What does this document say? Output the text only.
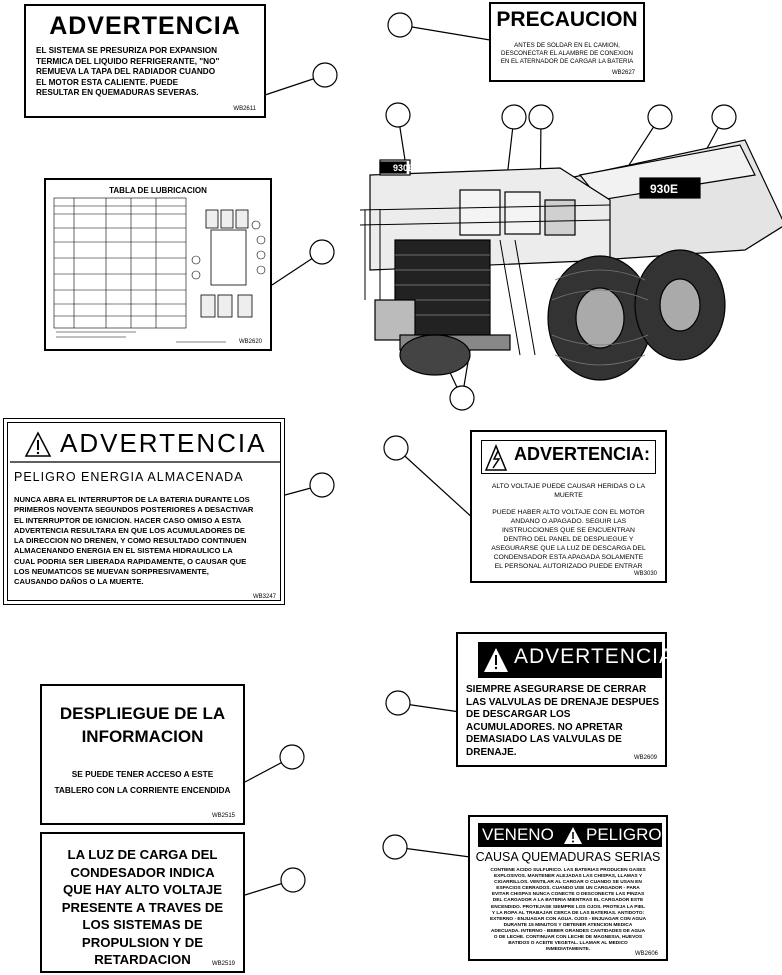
930E
930E
ADVERTENCIA
EL SISTEMA SE PRESURIZA POR EXPANSION
TERMICA DEL LIQUIDO REFRIGERANTE, "NO"
REMUEVA LA TAPA DEL RADIADOR CUANDO
EL MOTOR ESTA CALIENTE. PUEDE
RESULTAR EN QUEMADURAS SEVERAS.
WB2611
PRECAUCION
ANTES DE SOLDAR EN EL CAMION,
DESCONECTAR EL ALAMBRE DE CONEXION
EN EL ATERNADOR DE CARGAR LA BATERIA
WB2627
TABLA DE LUBRICACION
WB2620
ADVERTENCIA
PELIGRO ENERGIA ALMACENADA
NUNCA ABRA EL INTERRUPTOR DE LA BATERIA DURANTE LOS
PRIMEROS NOVENTA SEGUNDOS POSTERIORES A DESACTIVAR
EL INTERRUPTOR DE IGNICION. HACER CASO OMISO A ESTA
ADVERTENCIA RESULTARA EN QUE LOS ACUMULADORES DE
LA DIRECCION NO DRENEN, Y COMO RESULTADO CONTINUEN
ALMACENANDO ENERGIA EN EL SISTEMA HIDRAULICO LA
CUAL PODRIA SER LIBERADA RAPIDAMENTE, O CAUSAR QUE
LOS NEUMATICOS SE MUEVAN SORPRESIVAMENTE,
CAUSANDO DAÑOS O LA MUERTE.
WB3247
ADVERTENCIA:
ALTO VOLTAJE PUEDE CAUSAR HERIDAS O LA
MUERTE
PUEDE HABER ALTO VOLTAJE CON EL MOTOR
ANDANO O APAGADO. SEGUIR LAS
INSTRUCCIONES QUE SE ENCUENTRAN
DENTRO DEL PANEL DE DESPLIEGUE Y
ASEGURARSE QUE LA LUZ DE DESCARGA DEL
CONDENSADOR ESTA APAGADA SOLAMENTE
EL PERSONAL AUTORIZADO PUEDE ENTRAR
WB3030
ADVERTENCIA
SIEMPRE ASEGURARSE DE CERRAR
LAS VALVULAS DE DRENAJE DESPUES
DE DESCARGAR LOS
ACUMULADORES. NO APRETAR
DEMASIADO LAS VALVULAS DE
DRENAJE.
WB2609
DESPLIEGUE DE LA
INFORMACION
SE PUEDE TENER ACCESO A ESTE
TABLERO CON LA CORRIENTE ENCENDIDA
WB2515
LA LUZ DE CARGA DEL
CONDESADOR INDICA
QUE HAY ALTO VOLTAJE
PRESENTE A TRAVES DE
LOS SISTEMAS DE
PROPULSION Y DE
RETARDACION	WB2519
VENENO PELIGRO
CAUSA QUEMADURAS SERIAS
CONTIENE ACIDO SULFURICO. LAS BATERIAS PRODUCEN GASES
EXPLOSIVOS. MANTENER ALEJADAS LAS CHISPAS, LLAMAS Y
CIGARRILLOS. VENTILAR AL CARGAR O CUANDO SE USAN EN
ESPACIOS CERRADOS. CUANDO USE UN CARGADOR - PARA
EVITAR CHISPAS NUNCA CONECTE O DESCONECTE LAS PINZAS
DEL CARGADOR A LA BATERIA MIENTRAS EL CARGADOR ESTE
ENCENDIDO. PROTEJASE SIEMPRE LOS OJOS. PROTEJA LA PIEL
Y LA ROPA AL TRABAJAR CERCA DE LAS BATERIAS. ANTIDOTO:
EXTERNO - ENJUAGAR CON AGUA. OJOS - ENJUAGAR CON AGUA
DURANTE 15 MINUTOS Y OBTENER ATENCION MEDICA
ADECUADA. INTERNO - BEBER GRANDES CANTIDADES DE AGUA
O DE LECHE. CONTINUAR CON LECHE DE MAGNESIA, HUEVOS
BATIDOS O ACEITE VEGETAL. LLAMAR AL MEDICO
INMEDIATAMENTE.
WB2606
